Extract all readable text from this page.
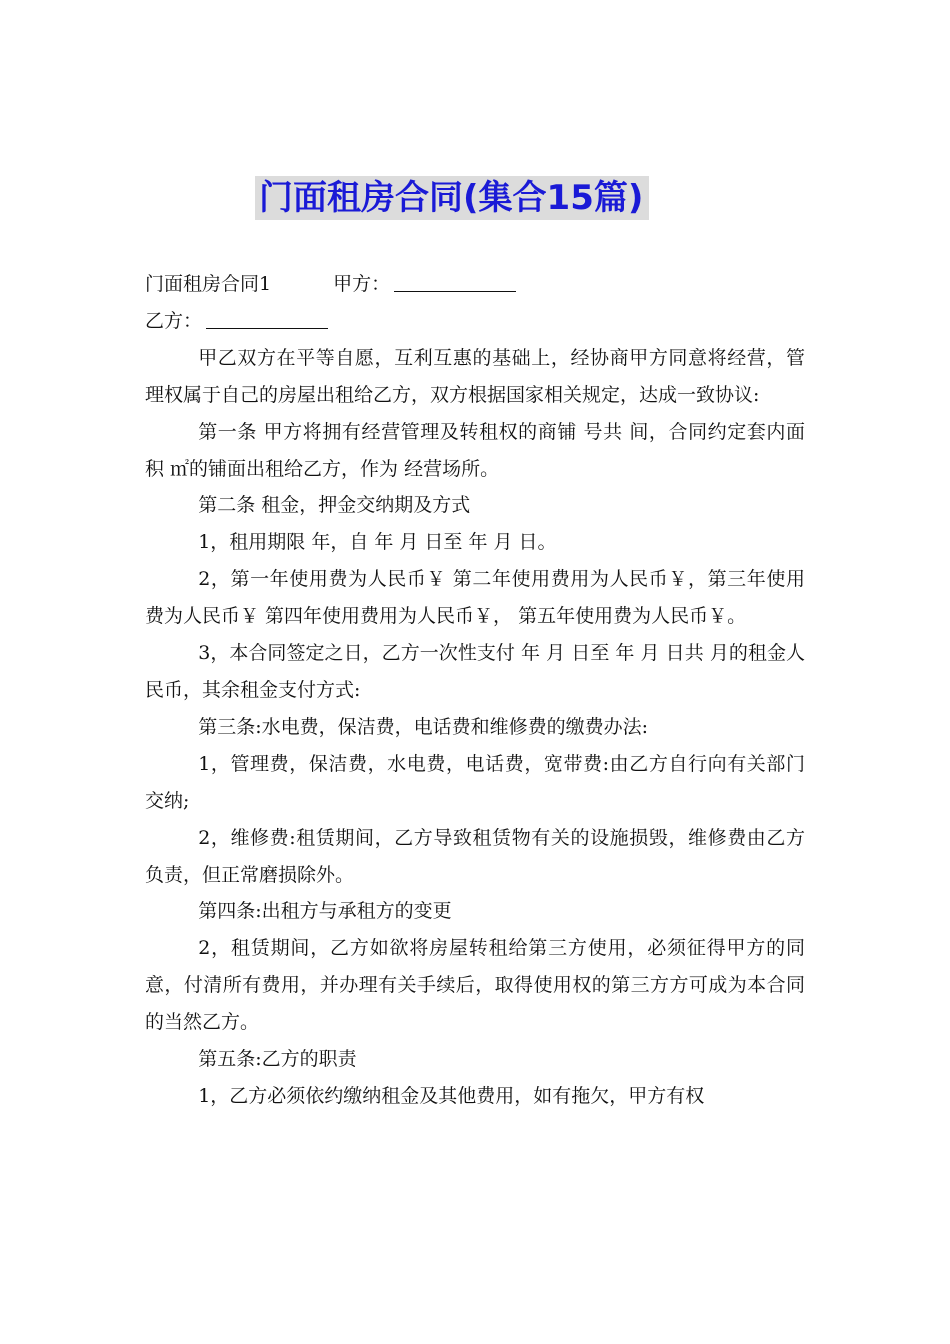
门面租房合同(集合15篇)

门面租房合同1	甲方：

乙方：

甲乙双方在平等自愿，互利互惠的基础上，经协商甲方同意将经营，管理权属于自己的房屋出租给乙方，双方根据国家相关规定，达成一致协议:

第一条 甲方将拥有经营管理及转租权的商铺 号共 间，合同约定套内面积 ㎡的铺面出租给乙方，作为 经营场所。

第二条 租金，押金交纳期及方式

1，租用期限 年，自 年 月 日至 年 月 日。

2，第一年使用费为人民币￥ 第二年使用费用为人民币￥，第三年使用费为人民币￥ 第四年使用费用为人民币￥， 第五年使用费为人民币￥。

3，本合同签定之日，乙方一次性支付 年 月 日至 年 月 日共 月的租金人民币，其余租金支付方式:

第三条:水电费，保洁费，电话费和维修费的缴费办法:

1，管理费，保洁费，水电费，电话费，宽带费:由乙方自行向有关部门交纳;

2，维修费:租赁期间，乙方导致租赁物有关的设施损毁，维修费由乙方负责，但正常磨损除外。

第四条:出租方与承租方的变更

2，租赁期间，乙方如欲将房屋转租给第三方使用，必须征得甲方的同意，付清所有费用，并办理有关手续后，取得使用权的第三方方可成为本合同的当然乙方。

第五条:乙方的职责

1，乙方必须依约缴纳租金及其他费用，如有拖欠，甲方有权
